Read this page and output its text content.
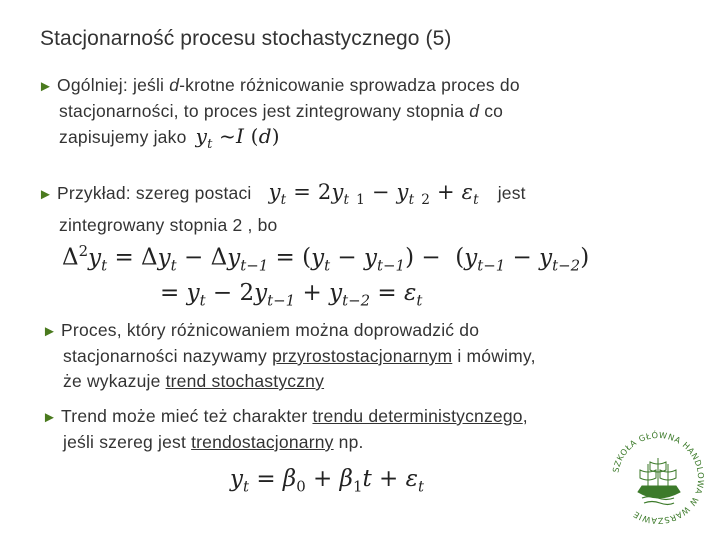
Stacjonarność procesu stochastycznego (5)
► Ogólniej: jeśli d-krotne różnicowanie sprowadza proces do
stacjonarności, to proces jest zintegrowany stopnia d co
zapisujemy jako $y_t$ ~I (d)
► Przykład: szereg postaci $y_t = 2y_t$ $_1 - y_t$ $_2 + \varepsilon_t$ jest
zintegrowany stopnia 2 , bo
$\Delta^2y_t = \Delta y_t - \Delta y_{t-1} = (y_t - y_{t-1}) - (y_{t-1} - y_{t-2})$
= $y_t - 2y_{t-1} + y_{t-2} = \varepsilon_t$
► Proces, który różnicowaniem można doprowadzić do
stacjonarności nazywamy przyrostostacjonarnym i mówimy,
że wykazuje trend stochastyczny
► Trend może mieć też charakter trendu deterministycnzego,
jeśli szereg jest trendostacjonarny np.
$y_t = \beta_0 + \beta_1t + \varepsilon_t$
SZKOŁA GŁÓWNA HANDLOWA W WARSZAWIE
